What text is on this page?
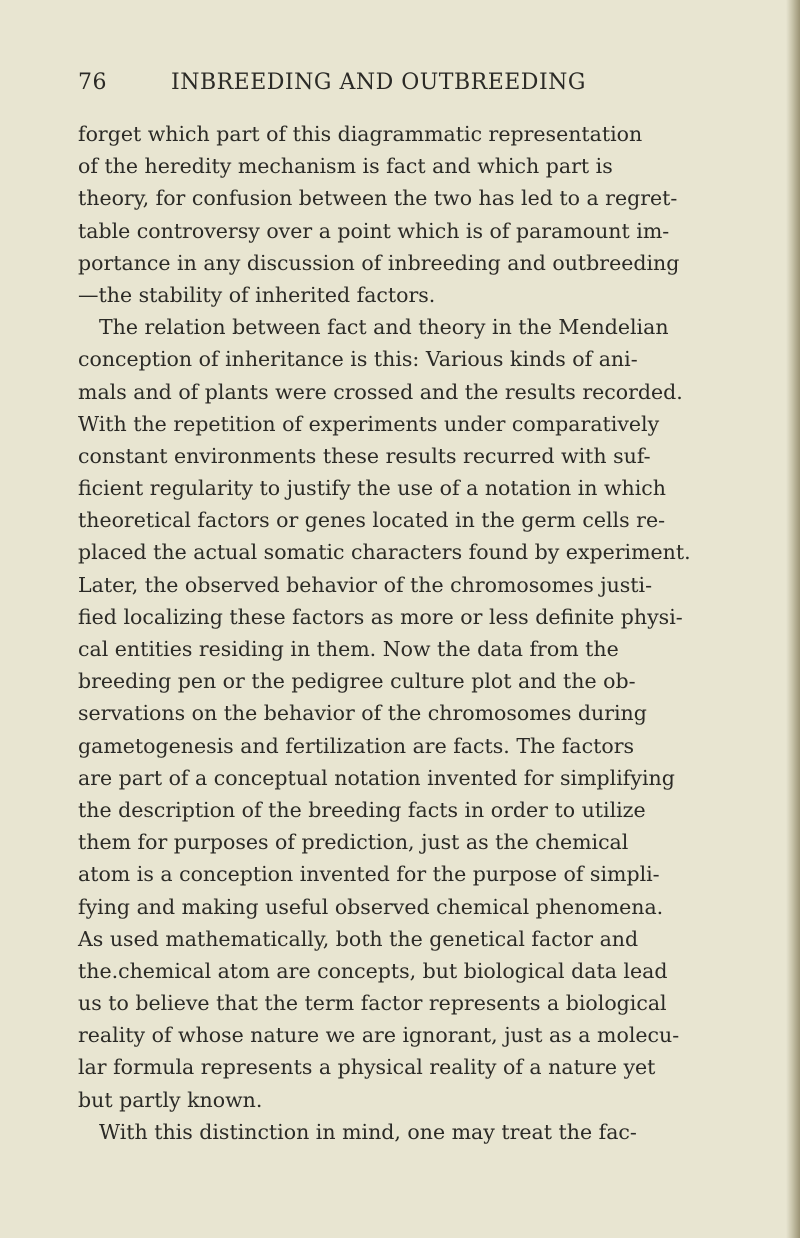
76	INBREEDING AND OUTBREEDING
forget which part of this diagrammatic representation
of the heredity mechanism is fact and which part is
theory, for confusion between the two has led to a regret-
table controversy over a point which is of paramount im-
portance in any discussion of inbreeding and outbreeding
—the stability of inherited factors.
The relation between fact and theory in the Mendelian
conception of inheritance is this: Various kinds of ani-
mals and of plants were crossed and the results recorded.
With the repetition of experiments under comparatively
constant environments these results recurred with suf-
ficient regularity to justify the use of a notation in which
theoretical factors or genes located in the germ cells re-
placed the actual somatic characters found by experiment.
Later, the observed behavior of the chromosomes justi-
fied localizing these factors as more or less definite physi-
cal entities residing in them. Now the data from the
breeding pen or the pedigree culture plot and the ob-
servations on the behavior of the chromosomes during
gametogenesis and fertilization are facts. The factors
are part of a conceptual notation invented for simplifying
the description of the breeding facts in order to utilize
them for purposes of prediction, just as the chemical
atom is a conception invented for the purpose of simpli-
fying and making useful observed chemical phenomena.
As used mathematically, both the genetical factor and
the.chemical atom are concepts, but biological data lead
us to believe that the term factor represents a biological
reality of whose nature we are ignorant, just as a molecu-
lar formula represents a physical reality of a nature yet
but partly known.
With this distinction in mind, one may treat the fac-
